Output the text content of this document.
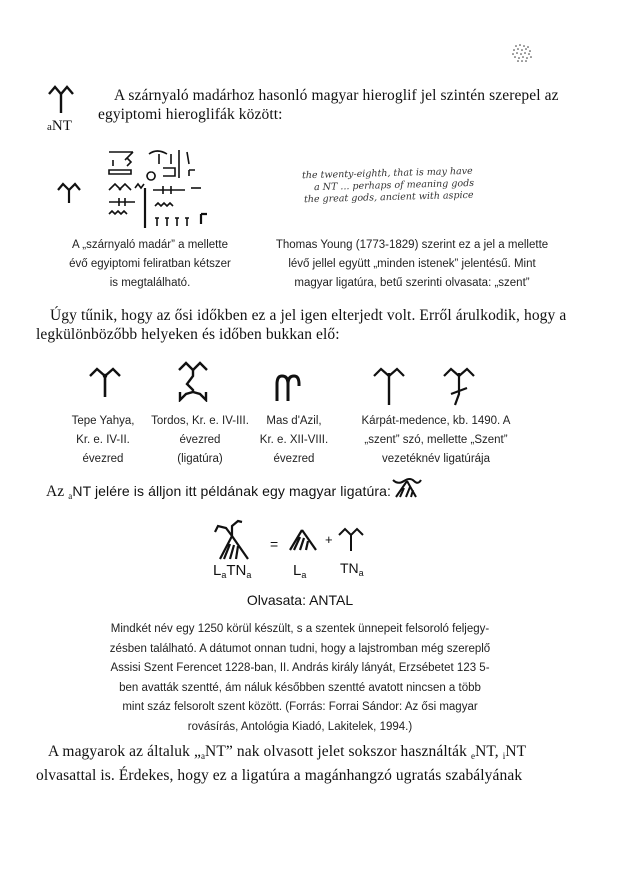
aNT
A szárnyaló madárhoz hasonló magyar hieroglif jel szintén szerepel az egyiptomi hieroglifák között:
A „szárnyaló madár” a mellette
évő egyiptomi feliratban kétszer
is megtalálható.
the twenty-eighth, that is may have
a NT ... perhaps of meaning gods
the great gods, ancient with aspice
Thomas Young (1773-1829) szerint ez a jel a mellette
lévő jellel együtt „minden istenek” jelentésű. Mint
magyar ligatúra, betű szerinti olvasata: „szent”
Úgy tűnik, hogy az ősi időkben ez a jel igen elterjedt volt. Erről árulkodik, hogy a legkülönbözőbb helyeken és időben bukkan elő:
Tepe Yahya,
Kr. e. IV-II.
évezred
Tordos, Kr. e. IV-III.
évezred
(ligatúra)
Mas d'Azil,
Kr. e. XII-VIII.
évezred
Kárpát-medence, kb. 1490. A
„szent” szó, mellette „Szent”
vezetéknév ligatúrája
Az $_a$NT jelére is álljon itt példának egy magyar ligatúra:
$L_aTN_a$
=
$L_a$
+
$TN_a$
Olvasata: ANTAL
Mindkét név egy 1250 körül készült, s a szentek ünnepeit felsoroló feljegy-
zésben található. A dátumot onnan tudni, hogy a lajstromban még szereplő
Assisi Szent Ferencet 1228-ban, II. András király lányát, Erzsébetet 123 5-
ben avatták szentté, ám náluk későbben szentté avatott nincsen a több
mint száz felsorolt szent között. (Forrás: Forrai Sándor: Az ősi magyar
rovásírás, Antológia Kiadó, Lakitelek, 1994.)
A magyarok az általuk $„_aNT$” nak olvasott jelet sokszor használták $_e$NT, $_i$NT
olvasattal is. Érdekes, hogy ez a ligatúra a magánhangzó ugratás szabályának
